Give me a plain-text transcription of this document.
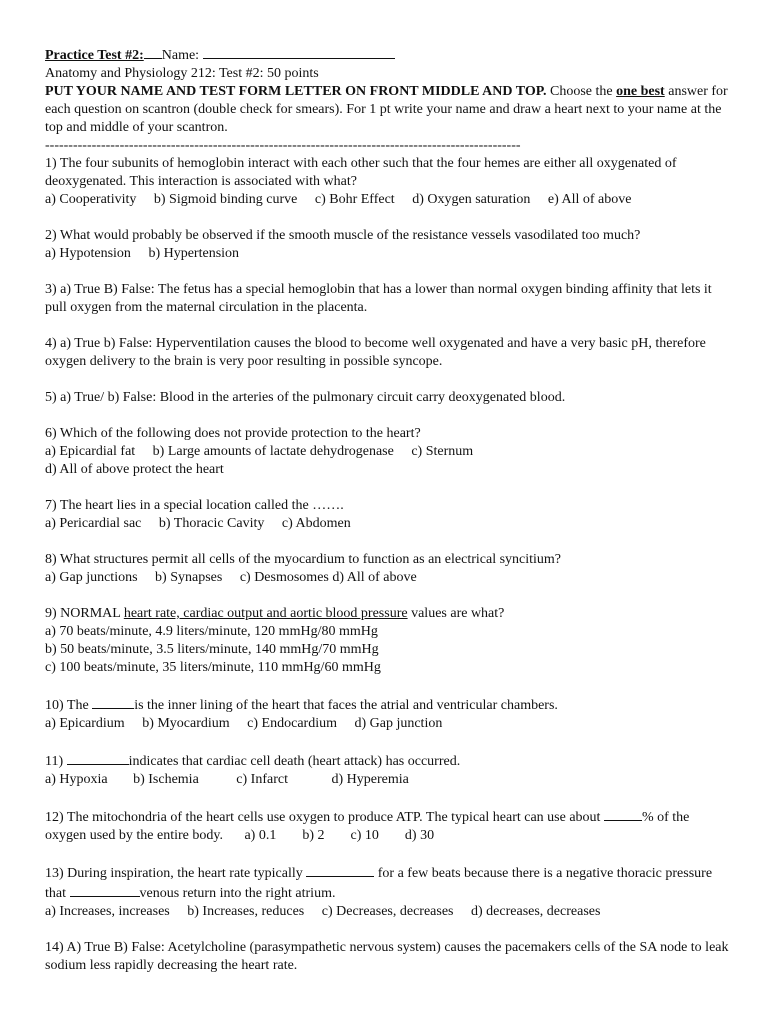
Practice Test #2: Name:
Anatomy and Physiology 212: Test #2: 50 points
PUT YOUR NAME AND TEST FORM LETTER ON FRONT MIDDLE AND TOP. Choose the one best answer for each question on scantron (double check for smears). For 1 pt write your name and draw a heart next to your name at the top and middle of your scantron.
------------------------------------------------------------------------------------------------------
1) The four subunits of hemoglobin interact with each other such that the four hemes are either all oxygenated of deoxygenated. This interaction is associated with what?
a) Cooperativity b) Sigmoid binding curve c) Bohr Effect d) Oxygen saturation e) All of above
2) What would probably be observed if the smooth muscle of the resistance vessels vasodilated too much?
a) Hypotension b) Hypertension
3) a) True B) False: The fetus has a special hemoglobin that has a lower than normal oxygen binding affinity that lets it pull oxygen from the maternal circulation in the placenta.
4) a) True b) False: Hyperventilation causes the blood to become well oxygenated and have a very basic pH, therefore oxygen delivery to the brain is very poor resulting in possible syncope.
5) a) True/ b) False: Blood in the arteries of the pulmonary circuit carry deoxygenated blood.
6) Which of the following does not provide protection to the heart?
a) Epicardial fat b) Large amounts of lactate dehydrogenase c) Sternum
d) All of above protect the heart
7) The heart lies in a special location called the …….
a) Pericardial sac b) Thoracic Cavity c) Abdomen
8) What structures permit all cells of the myocardium to function as an electrical syncitium?
a) Gap junctions b) Synapses c) Desmosomes d) All of above
9) NORMAL heart rate, cardiac output and aortic blood pressure values are what?
a) 70 beats/minute, 4.9 liters/minute, 120 mmHg/80 mmHg
b) 50 beats/minute, 3.5 liters/minute, 140 mmHg/70 mmHg
c) 100 beats/minute, 35 liters/minute, 110 mmHg/60 mmHg
10) The	is the inner lining of the heart that faces the atrial and ventricular chambers.
a) Epicardium b) Myocardium c) Endocardium d) Gap junction
11)	indicates that cardiac cell death (heart attack) has occurred.
a) Hypoxia b) Ischemia	c) Infarct	d) Hyperemia
12) The mitochondria of the heart cells use oxygen to produce ATP. The typical heart can use about	% of the oxygen used by the entire body. a) 0.1 b) 2 c) 10 d) 30
13) During inspiration, the heart rate typically	for a few beats because there is a negative thoracic pressure that	venous return into the right atrium.
a) Increases, increases b) Increases, reduces c) Decreases, decreases d) decreases, decreases
14) A) True B) False: Acetylcholine (parasympathetic nervous system) causes the pacemakers cells of the SA node to leak sodium less rapidly decreasing the heart rate.
